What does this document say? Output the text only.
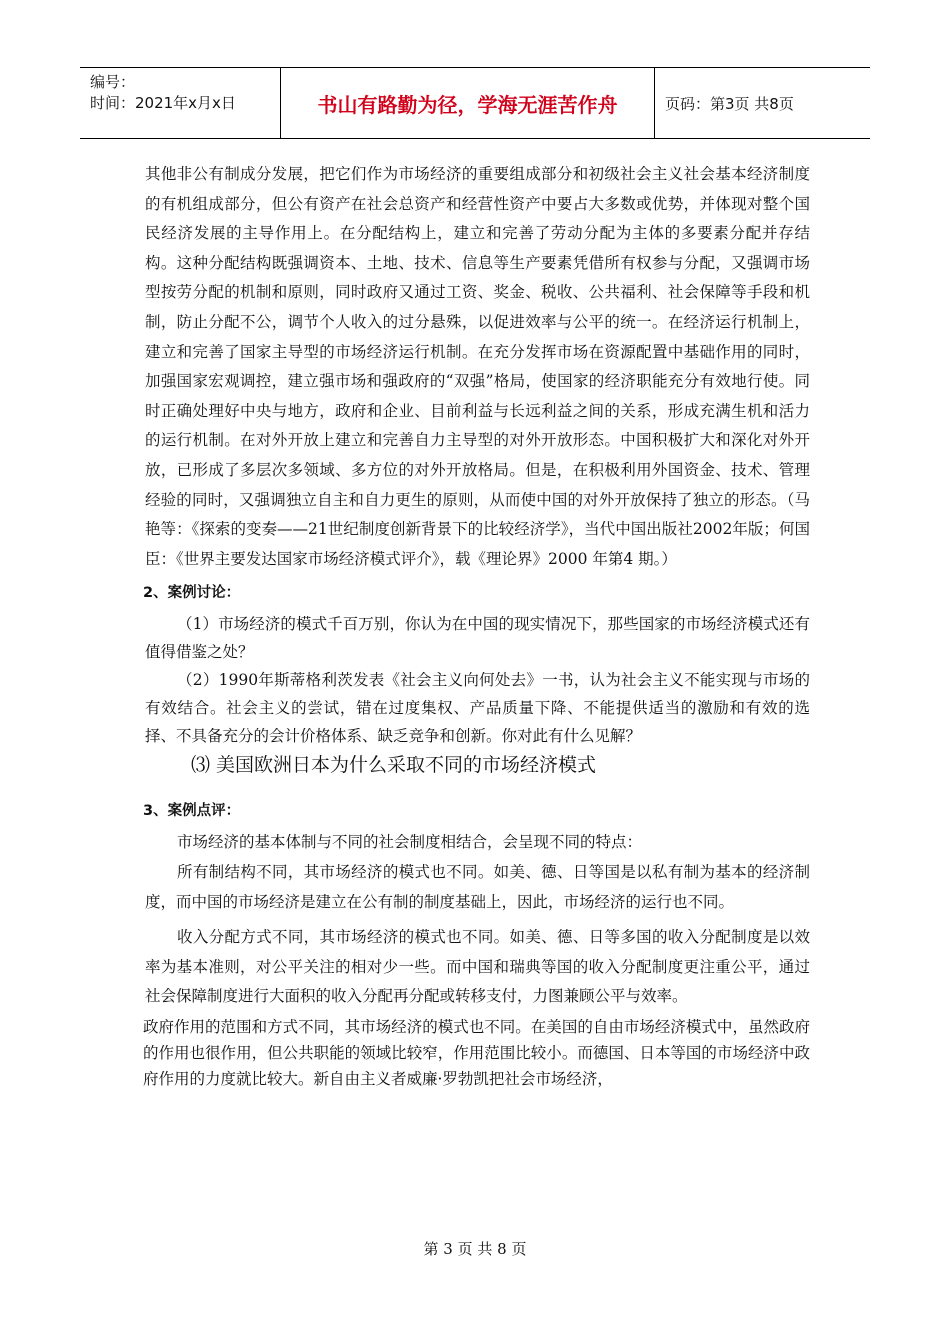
编号：
时间：2021年x月x日	书山有路勤为径，学海无涯苦作舟	页码：第3页 共8页

其他非公有制成分发展，把它们作为市场经济的重要组成部分和初级社会主义社会基本经济制度的有机组成部分，但公有资产在社会总资产和经营性资产中要占大多数或优势，并体现对整个国民经济发展的主导作用上。在分配结构上，建立和完善了劳动分配为主体的多要素分配并存结构。这种分配结构既强调资本、土地、技术、信息等生产要素凭借所有权参与分配，又强调市场型按劳分配的机制和原则，同时政府又通过工资、奖金、税收、公共福利、社会保障等手段和机制，防止分配不公，调节个人收入的过分悬殊，以促进效率与公平的统一。在经济运行机制上，建立和完善了国家主导型的市场经济运行机制。在充分发挥市场在资源配置中基础作用的同时，加强国家宏观调控，建立强市场和强政府的“双强”格局，使国家的经济职能充分有效地行使。同时正确处理好中央与地方，政府和企业、目前利益与长远利益之间的关系，形成充满生机和活力的运行机制。在对外开放上建立和完善自力主导型的对外开放形态。中国积极扩大和深化对外开放，已形成了多层次多领域、多方位的对外开放格局。但是，在积极利用外国资金、技术、管理经验的同时，又强调独立自主和自力更生的原则，从而使中国的对外开放保持了独立的形态。（马艳等：《探索的变奏——21世纪制度创新背景下的比较经济学》，当代中国出版社2002年版；何国臣：《世界主要发达国家市场经济模式评介》，载《理论界》2000 年第4 期。）

2、案例讨论：

（1）市场经济的模式千百万别，你认为在中国的现实情况下，那些国家的市场经济模式还有值得借鉴之处？

（2）1990年斯蒂格利茨发表《社会主义向何处去》一书，认为社会主义不能实现与市场的有效结合。社会主义的尝试，错在过度集权、产品质量下降、不能提供适当的激励和有效的选择、不具备充分的会计价格体系、缺乏竞争和创新。你对此有什么见解？

⑶ 美国欧洲日本为什么采取不同的市场经济模式

3、案例点评：

市场经济的基本体制与不同的社会制度相结合，会呈现不同的特点：

所有制结构不同，其市场经济的模式也不同。如美、德、日等国是以私有制为基本的经济制度，而中国的市场经济是建立在公有制的制度基础上，因此，市场经济的运行也不同。

收入分配方式不同，其市场经济的模式也不同。如美、德、日等多国的收入分配制度是以效率为基本准则，对公平关注的相对少一些。而中国和瑞典等国的收入分配制度更注重公平，通过社会保障制度进行大面积的收入分配再分配或转移支付，力图兼顾公平与效率。

政府作用的范围和方式不同，其市场经济的模式也不同。在美国的自由市场经济模式中，虽然政府的作用也很作用，但公共职能的领域比较窄，作用范围比较小。而德国、日本等国的市场经济中政府作用的力度就比较大。新自由主义者威廉·罗勃凯把社会市场经济，

第 3 页 共 8 页
